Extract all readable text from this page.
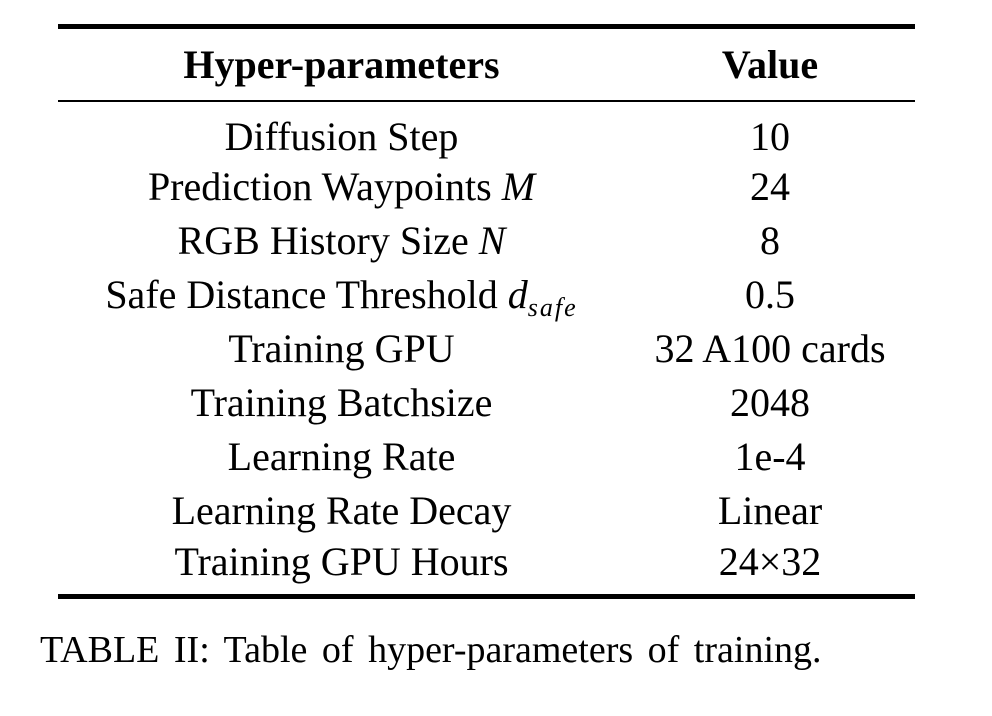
Hyper-parameters	Value
Diffusion Step	10
Prediction Waypoints M	24
RGB History Size N	8
Safe Distance Threshold $d_{safe}$	0.5
Training GPU	32 A100 cards
Training Batchsize	2048
Learning Rate	1e-4
Learning Rate Decay	Linear
Training GPU Hours	24×32
TABLE II: Table of hyper-parameters of training.
